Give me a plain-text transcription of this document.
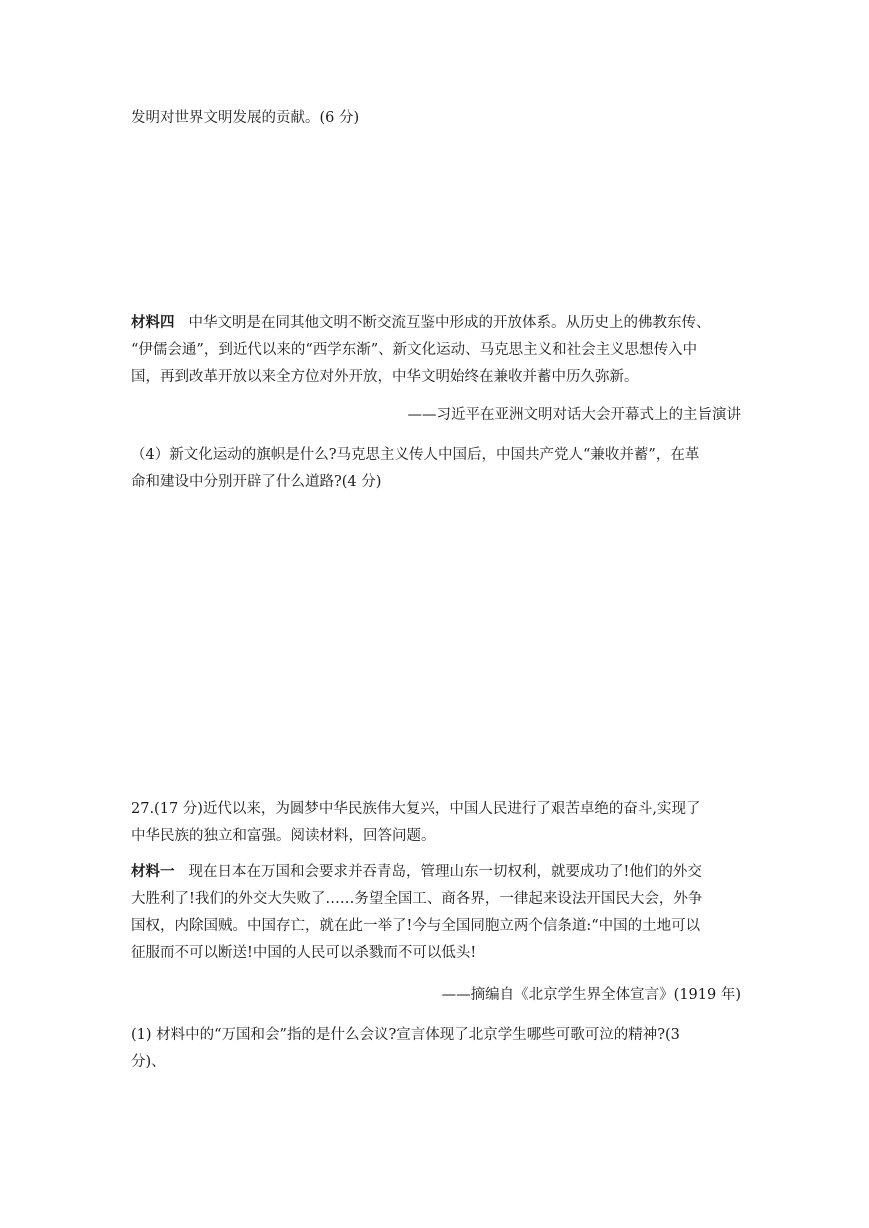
发明对世界文明发展的贡献。(6 分)
材料四 中华文明是在同其他文明不断交流互鉴中形成的开放体系。从历史上的佛教东传、
“伊儒会通”，到近代以来的“西学东渐”、新文化运动、马克思主义和社会主义思想传入中
国，再到改革开放以来全方位对外开放，中华文明始终在兼收并蓄中历久弥新。
——习近平在亚洲文明对话大会开幕式上的主旨演讲
（4）新文化运动的旗帜是什么?马克思主义传人中国后，中国共产党人“兼收并蓄”，在革
命和建设中分别开辟了什么道路?(4 分)
27.(17 分)近代以来，为圆梦中华民族伟大复兴，中国人民进行了艰苦卓绝的奋斗,实现了
中华民族的独立和富强。阅读材料，回答问题。
材料一 现在日本在万国和会要求并吞青岛，管理山东一切权利，就要成功了!他们的外交
大胜利了!我们的外交大失败了……务望全国工、商各界，一律起来设法开国民大会，外争
国权，内除国贼。中国存亡，就在此一举了!今与全国同胞立两个信条道:“中国的土地可以
征服而不可以断送!中国的人民可以杀戮而不可以低头!
——摘编自《北京学生界全体宣言》(1919 年)
(1) 材料中的“万国和会”指的是什么会议?宣言体现了北京学生哪些可歌可泣的精神?(3
分)、
